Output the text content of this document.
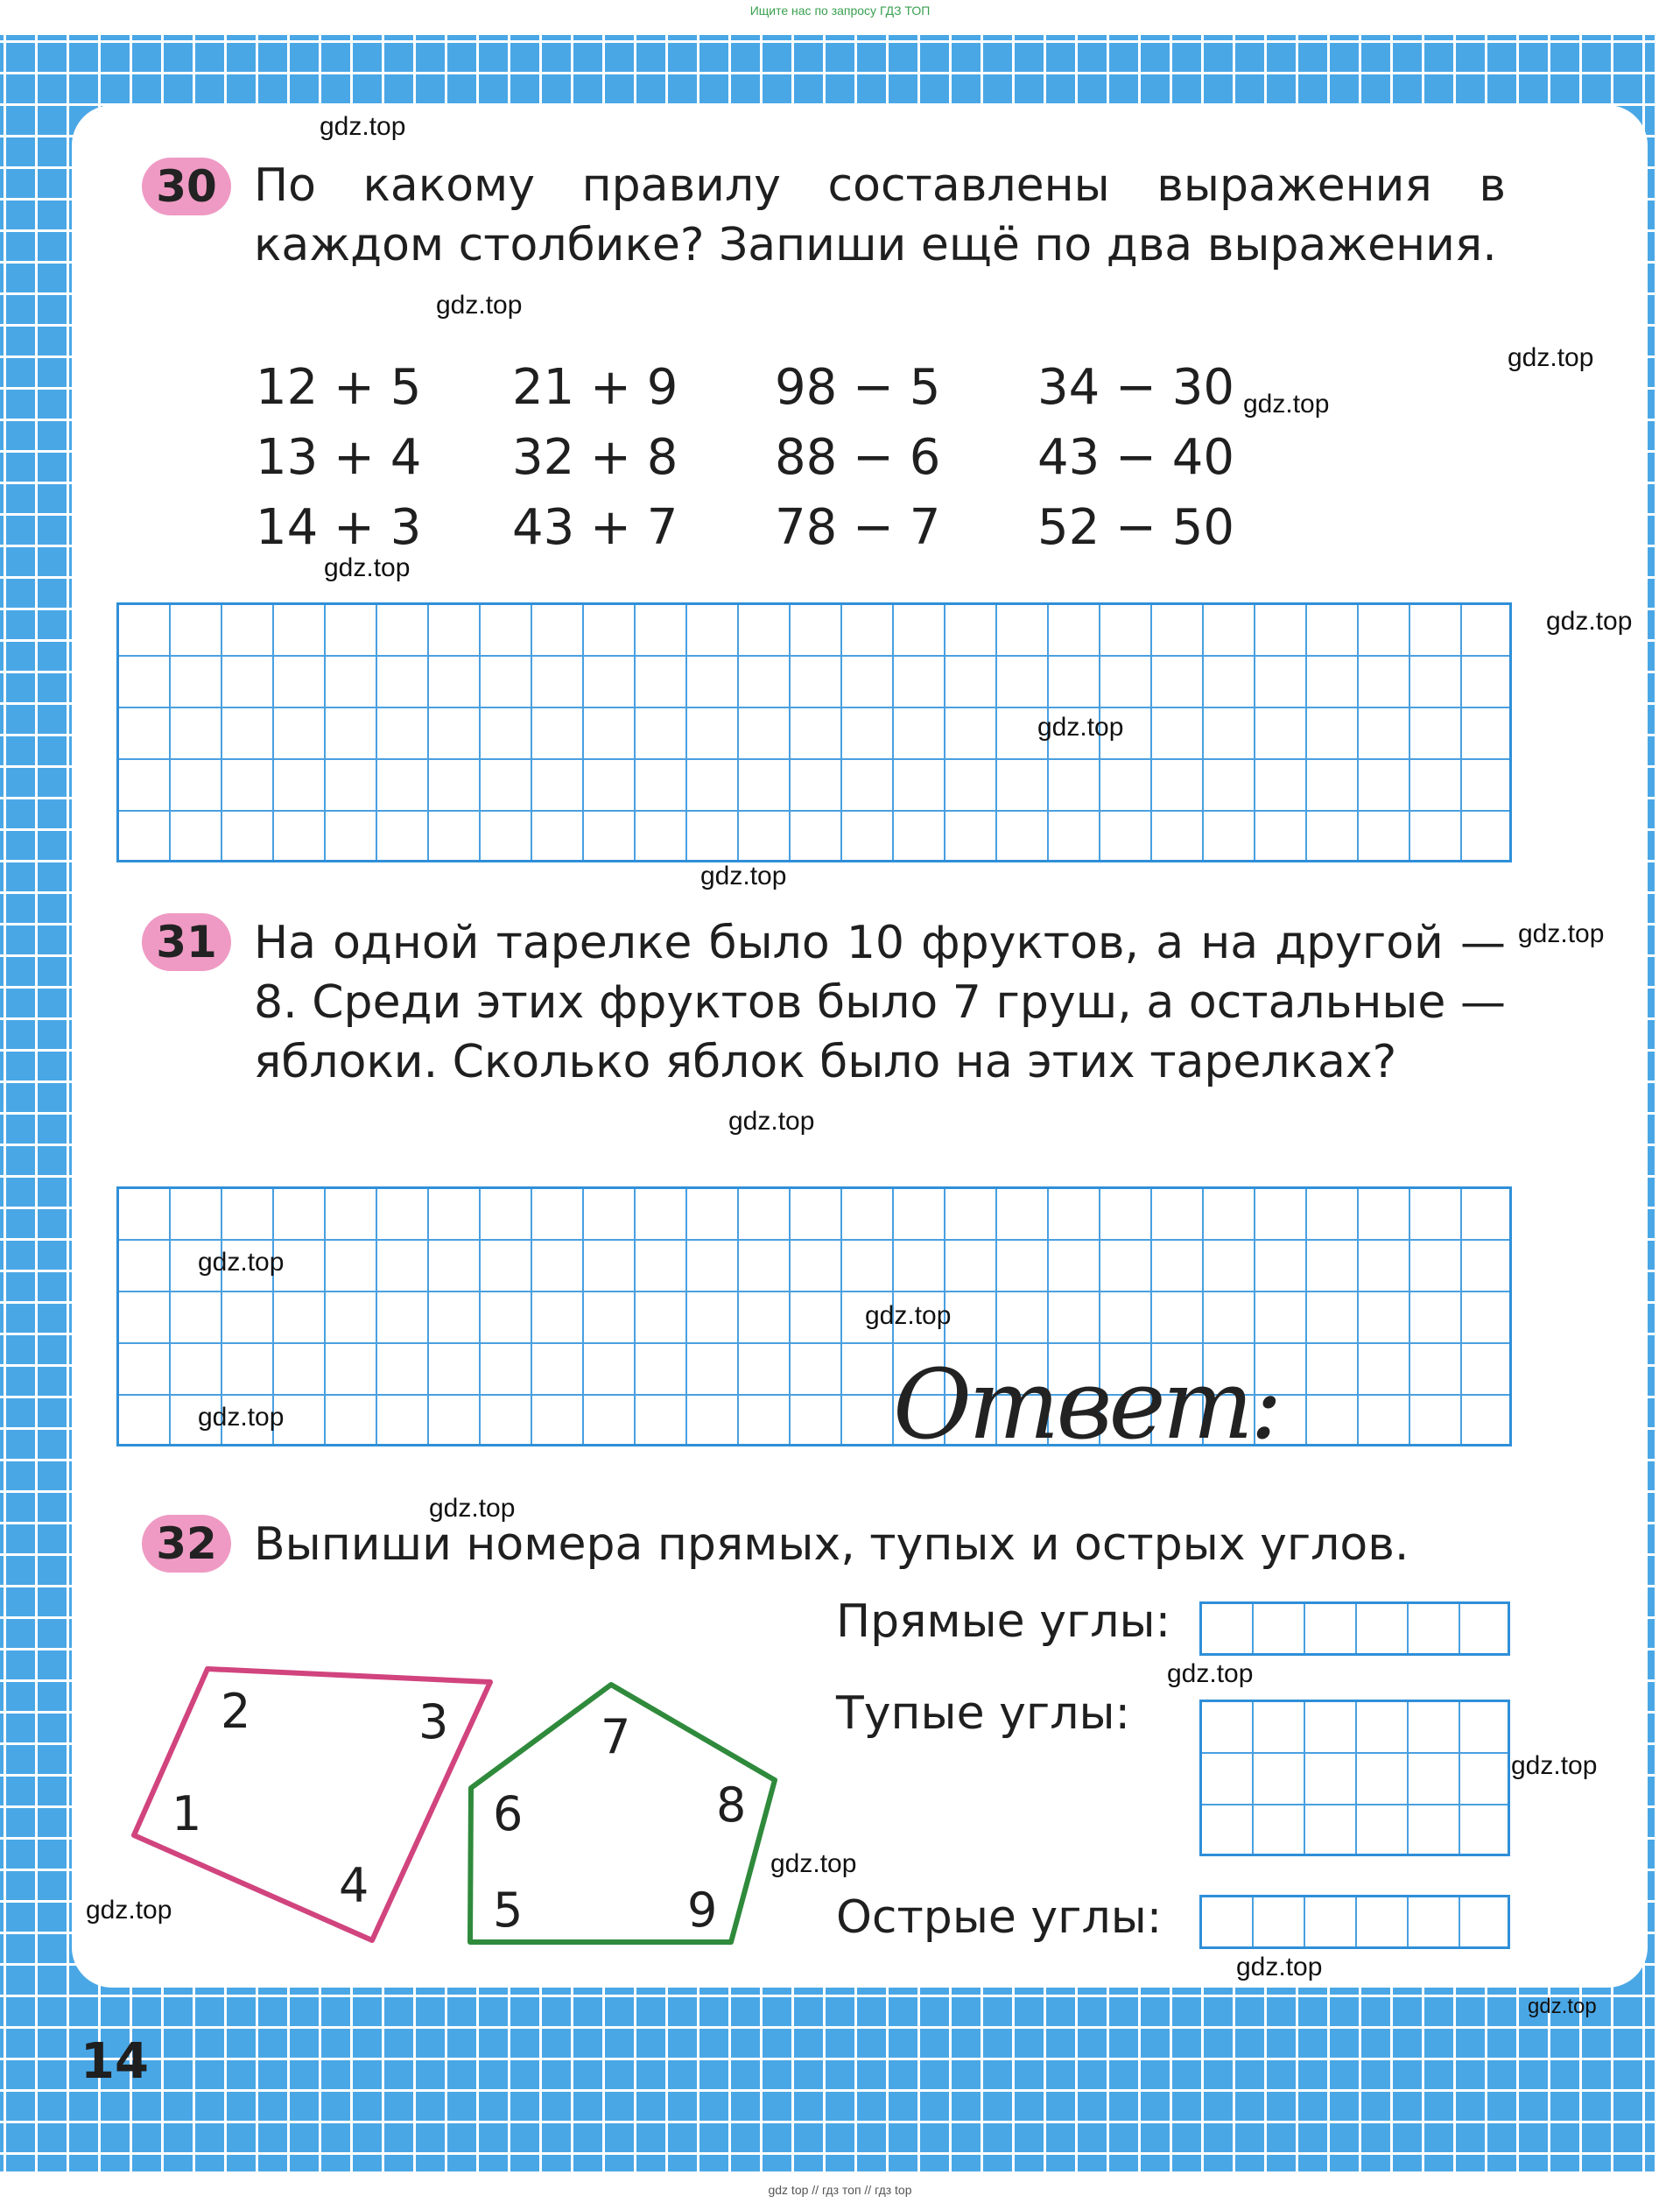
Ищите нас по запросу ГДЗ ТОП
30 По какому правилу составлены выражения в каждом столбике? Запиши ещё по два выражения.
12 + 5
13 + 4
14 + 3
21 + 9
32 + 8
43 + 7
98 − 5
88 − 6
78 − 7
34 − 30
43 − 40
52 − 50
31 На одной тарелке было 10 фруктов, а на другой — 8. Среди этих фруктов было 7 груш, а остальные — яблоки. Сколько яблок было на этих тарелках?
Ответ:
32 Выпиши номера прямых, тупых и острых углов.
Прямые углы:
Тупые углы:
Острые углы:
1
2	3
4	5
6
7
8
9
14
gdz.top
gdz.top
gdz.top
gdz.top
gdz.top
gdz.top
gdz.top
gdz.top
gdz.top
gdz.top
gdz.top
gdz.top
gdz.top
gdz.top
gdz.top
gdz.top
gdz.top
gdz.top
gdz.top
gdz.top
gdz top // гдз топ // гдз top
